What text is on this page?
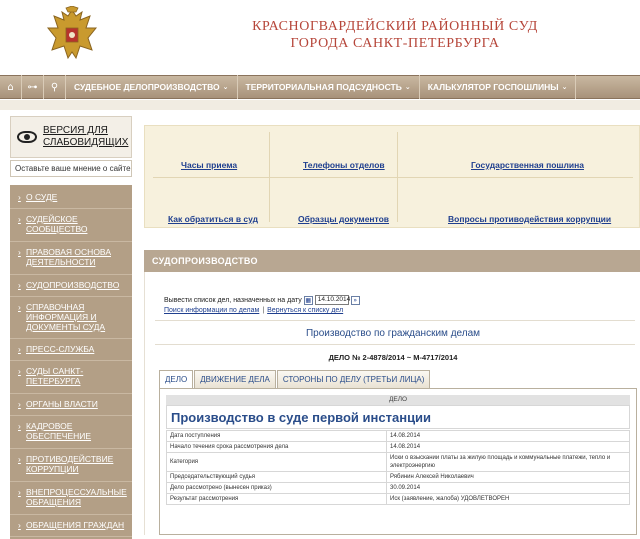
КРАСНОГВАРДЕЙСКИЙ РАЙОННЫЙ СУД
ГОРОДА САНКТ-ПЕТЕРБУРГА
⌂	⊶	⚲	СУДЕБНОЕ ДЕЛОПРОИЗВОДСТВО ⌄ ТЕРРИТОРИАЛЬНАЯ ПОДСУДНОСТЬ ⌄ КАЛЬКУЛЯТОР ГОСПОШЛИНЫ ⌄
ВЕРСИЯ ДЛЯ
СЛАБОВИДЯЩИХ
Оставьте ваше мнение о сайте
› О СУДЕ
› СУДЕЙСКОЕ СООБЩЕСТВО
› ПРАВОВАЯ ОСНОВА ДЕЯТЕЛЬНОСТИ
› СУДОПРОИЗВОДСТВО
› СПРАВОЧНАЯ ИНФОРМАЦИЯ И ДОКУМЕНТЫ СУДА
› ПРЕСС-СЛУЖБА
› СУДЫ САНКТ-ПЕТЕРБУРГА
› ОРГАНЫ ВЛАСТИ
› КАДРОВОЕ ОБЕСПЕЧЕНИЕ
› ПРОТИВОДЕЙСТВИЕ КОРРУПЦИИ
› ВНЕПРОЦЕССУАЛЬНЫЕ ОБРАЩЕНИЯ
› ОБРАЩЕНИЯ ГРАЖДАН
Часы приема	Телефоны отделов	Государственная пошлина
Как обратиться в суд	Образцы документов	Вопросы противодействия коррупции
СУДОПРОИЗВОДСТВО
Вывести список дел, назначенных на дату ▦	14.10.2014 »
Поиск информации по делам | Вернуться к списку дел
Производство по гражданским делам
ДЕЛО № 2-4878/2014 ~ М-4717/2014
ДЕЛО	ДВИЖЕНИЕ ДЕЛА	СТОРОНЫ ПО ДЕЛУ (ТРЕТЬИ ЛИЦА)
ДЕЛО
Производство в суде первой инстанции
Дата поступления	14.08.2014
Начало течения срока рассмотрения дела	14.08.2014
Категория	Иски о взыскании платы за жилую площадь и коммунальные платежи, тепло и электроэнергию
Председательствующий судья	Рябинин Алексей Николаевич
Дело рассмотрено (вынесен приказ)	30.09.2014
Результат рассмотрения	Иск (заявление, жалоба) УДОВЛЕТВОРЕН
